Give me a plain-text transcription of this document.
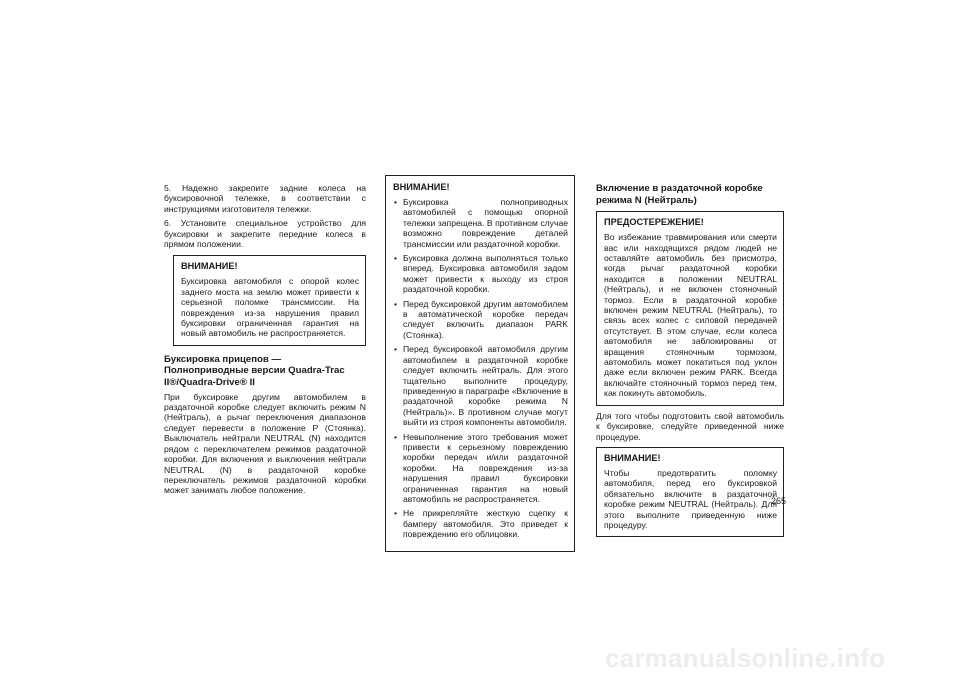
5. Надежно закрепите задние колеса на буксировочной тележке, в соответствии с инструкциями изготовителя тележки.

6. Установите специальное устройство для буксировки и закрепите передние колеса в прямом положении.

ВНИМАНИЕ!

Буксировка автомобиля с опорой колес заднего моста на землю может привести к серьезной поломке трансмиссии. На повреждения из-за нарушения правил буксировки ограниченная гарантия на новый автомобиль не распространяется.

Буксировка прицепов — Полноприводные версии Quadra-Trac II®/Quadra-Drive® II

При буксировке другим автомобилем в раздаточной коробке следует включить режим N (Нейтраль), а рычаг переключения диапазонов следует перевести в положение P (Стоянка). Выключатель нейтрали NEUTRAL (N) находится рядом с переключателем режимов раздаточной коробки. Для включения и выключения нейтрали NEUTRAL (N) в раздаточной коробке переключатель режимов раздаточной коробки может занимать любое положение.

ВНИМАНИЕ!
• Буксировка полноприводных автомобилей с помощью опорной тележки запрещена. В противном случае возможно повреждение деталей трансмиссии или раздаточной коробки.
• Буксировка должна выполняться только вперед. Буксировка автомобиля задом может привести к выходу из строя раздаточной коробки.
• Перед буксировкой другим автомобилем в автоматической коробке передач следует включить диапазон PARK (Стоянка).
• Перед буксировкой автомобиля другим автомобилем в раздаточной коробке следует включить нейтраль. Для этого тщательно выполните процедуру, приведенную в параграфе «Включение в раздаточной коробке режима N (Нейтраль)». В противном случае могут выйти из строя компоненты автомобиля.
• Невыполнение этого требования может привести к серьезному повреждению коробки передач и/или раздаточной коробки. На повреждения из-за нарушения правил буксировки ограниченная гарантия на новый автомобиль не распространяется.
• Не прикрепляйте жесткую сцепку к бамперу автомобиля. Это приведет к повреждению его облицовки.
Включение в раздаточной коробке режима N (Нейтраль)
ПРЕДОСТЕРЕЖЕНИЕ!

Во избежание травмирования или смерти вас или находящихся рядом людей не оставляйте автомобиль без присмотра, когда рычаг раздаточной коробки находится в положении NEUTRAL (Нейтраль), и не включен стояночный тормоз. Если в раздаточной коробке включен режим NEUTRAL (Нейтраль), то связь всех колес с силовой передачей отсутствует. В этом случае, если колеса автомобиля не заблокированы от вращения стояночным тормозом, автомобиль может покатиться под уклон даже если включен режим PARK. Всегда включайте стояночный тормоз перед тем, как покинуть автомобиль.

Для того чтобы подготовить свой автомобиль к буксировке, следуйте приведенной ниже процедуре.

ВНИМАНИЕ!

Чтобы предотвратить поломку автомобиля, перед его буксировкой обязательно включите в раздаточной коробке режим NEUTRAL (Нейтраль). Для этого выполните приведенную ниже процедуру.

265
carmanualsonline.info
